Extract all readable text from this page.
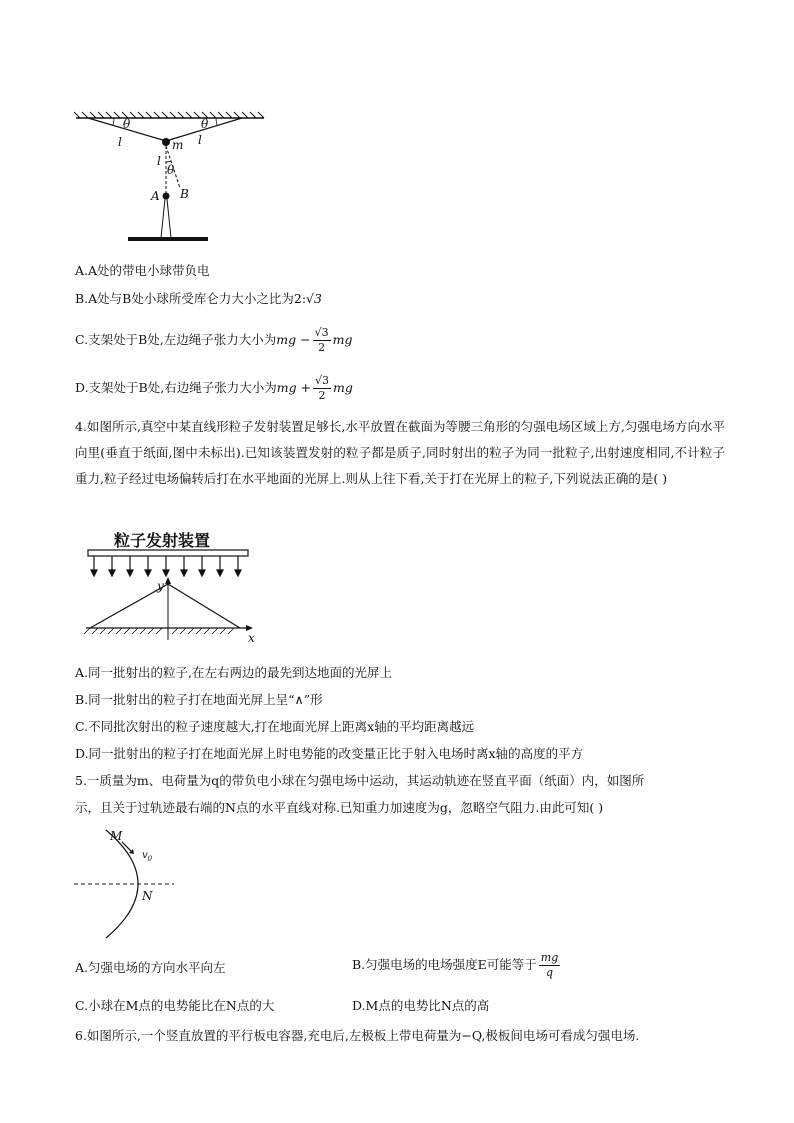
θ	θ
l	l
m
l
θ
A B
A.A处的带电小球带负电
B.A处与B处小球所受库仑力大小之比为2:√3
C.支架处于B处,左边绳子张力大小为mg − $\frac{√3}{2}$ mg
D.支架处于B处,右边绳子张力大小为mg + $\frac{√3}{2}$ mg
4.如图所示,真空中某直线形粒子发射装置足够长,水平放置在截面为等腰三角形的匀强电场区域上方,匀强电场方向水平向里(垂直于纸面,图中未标出).已知该装置发射的粒子都是质子,同时射出的粒子为同一批粒子,出射速度相同,不计粒子重力,粒子经过电场偏转后打在水平地面的光屏上.则从上往下看,关于打在光屏上的粒子,下列说法正确的是( )
粒子发射装置
y
x
A.同一批射出的粒子,在左右两边的最先到达地面的光屏上
B.同一批射出的粒子打在地面光屏上呈“∧”形
C.不同批次射出的粒子速度越大,打在地面光屏上距离x轴的平均距离越远
D.同一批射出的粒子打在地面光屏上时电势能的改变量正比于射入电场时离x轴的高度的平方
5.一质量为m、电荷量为q的带负电小球在匀强电场中运动，其运动轨迹在竖直平面（纸面）内，如图所
示，且关于过轨迹最右端的N点的水平直线对称.已知重力加速度为g，忽略空气阻力.由此可知( )
M
$v_0$
N
A.匀强电场的方向水平向左	B.匀强电场的电场强度E可能等于 $\frac{mg}{q}$
C.小球在M点的电势能比在N点的大	D.M点的电势比N点的高
6.如图所示,一个竖直放置的平行板电容器,充电后,左极板上带电荷量为−Q,极板间电场可看成匀强电场.
